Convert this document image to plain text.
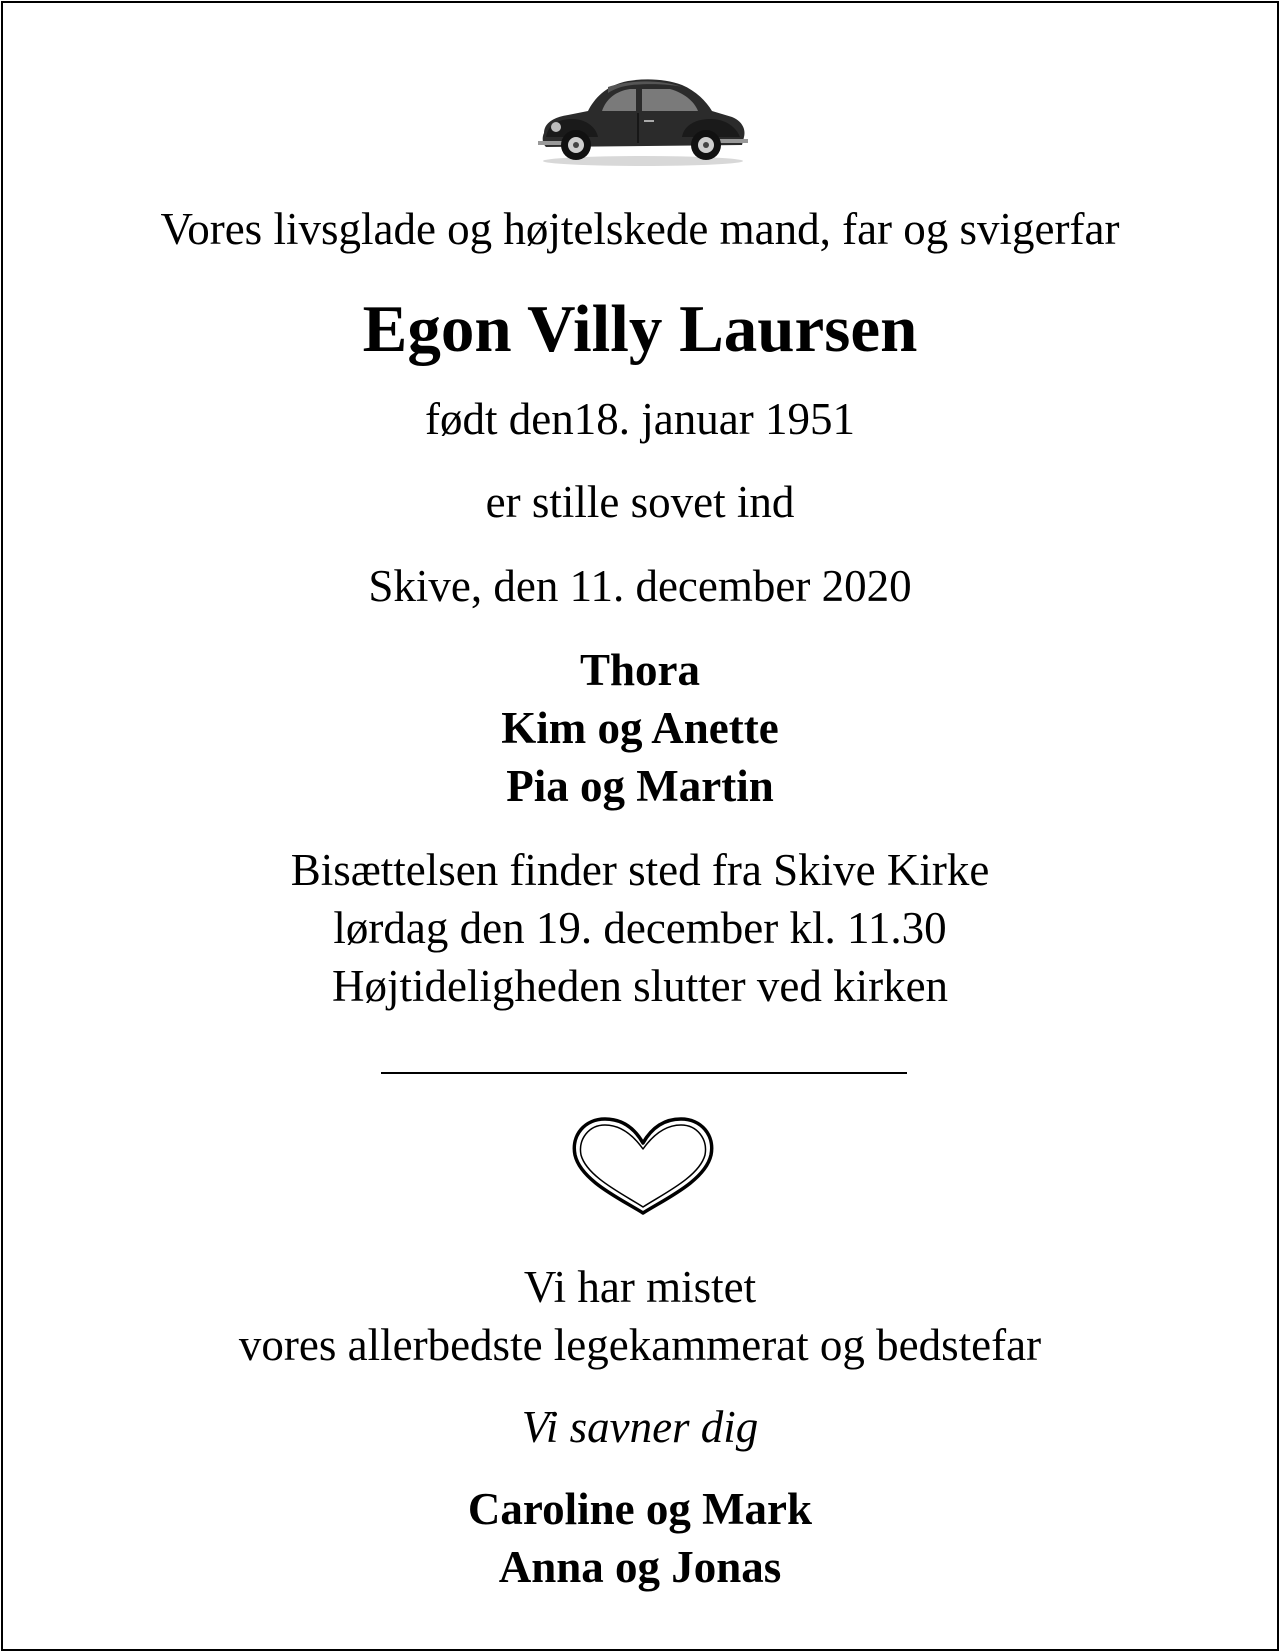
Vores livsglade og højtelskede mand, far og svigerfar
Egon Villy Laursen
født den18. januar 1951
er stille sovet ind
Skive, den 11. december 2020
Thora
Kim og Anette
Pia og Martin
Bisættelsen finder sted fra Skive Kirke
lørdag den 19. december kl. 11.30
Højtideligheden slutter ved kirken
Vi har mistet
vores allerbedste legekammerat og bedstefar
Vi savner dig
Caroline og Mark
Anna og Jonas
